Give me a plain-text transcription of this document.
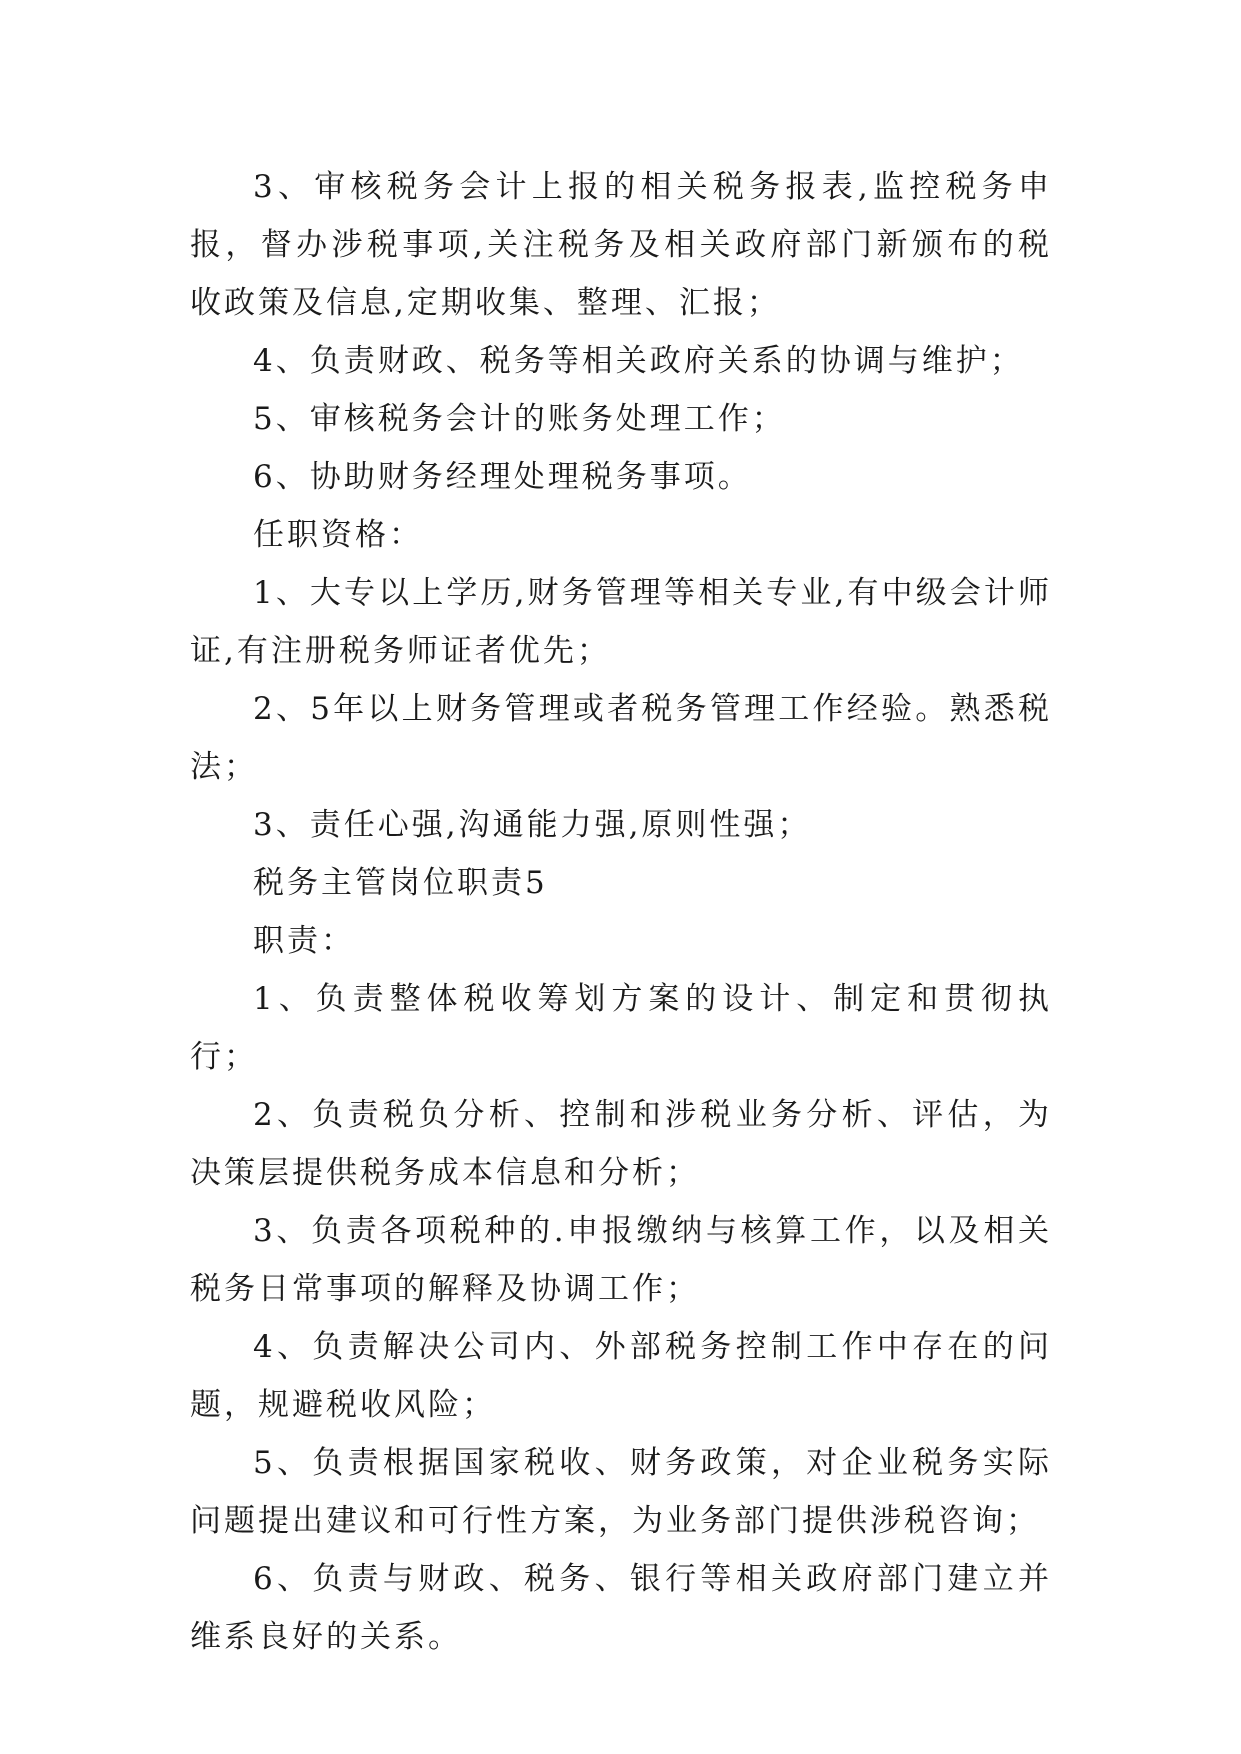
3、审核税务会计上报的相关税务报表,监控税务申报，督办涉税事项,关注税务及相关政府部门新颁布的税收政策及信息,定期收集、整理、汇报；

4、负责财政、税务等相关政府关系的协调与维护；

5、审核税务会计的账务处理工作；

6、协助财务经理处理税务事项。

任职资格：

1、大专以上学历,财务管理等相关专业,有中级会计师证,有注册税务师证者优先；

2、5年以上财务管理或者税务管理工作经验。熟悉税法；

3、责任心强,沟通能力强,原则性强；

税务主管岗位职责5

职责：

1、负责整体税收筹划方案的设计、制定和贯彻执行；

2、负责税负分析、控制和涉税业务分析、评估，为决策层提供税务成本信息和分析；

3、负责各项税种的.申报缴纳与核算工作，以及相关税务日常事项的解释及协调工作；

4、负责解决公司内、外部税务控制工作中存在的问题，规避税收风险；

5、负责根据国家税收、财务政策，对企业税务实际问题提出建议和可行性方案，为业务部门提供涉税咨询；

6、负责与财政、税务、银行等相关政府部门建立并维系良好的关系。
